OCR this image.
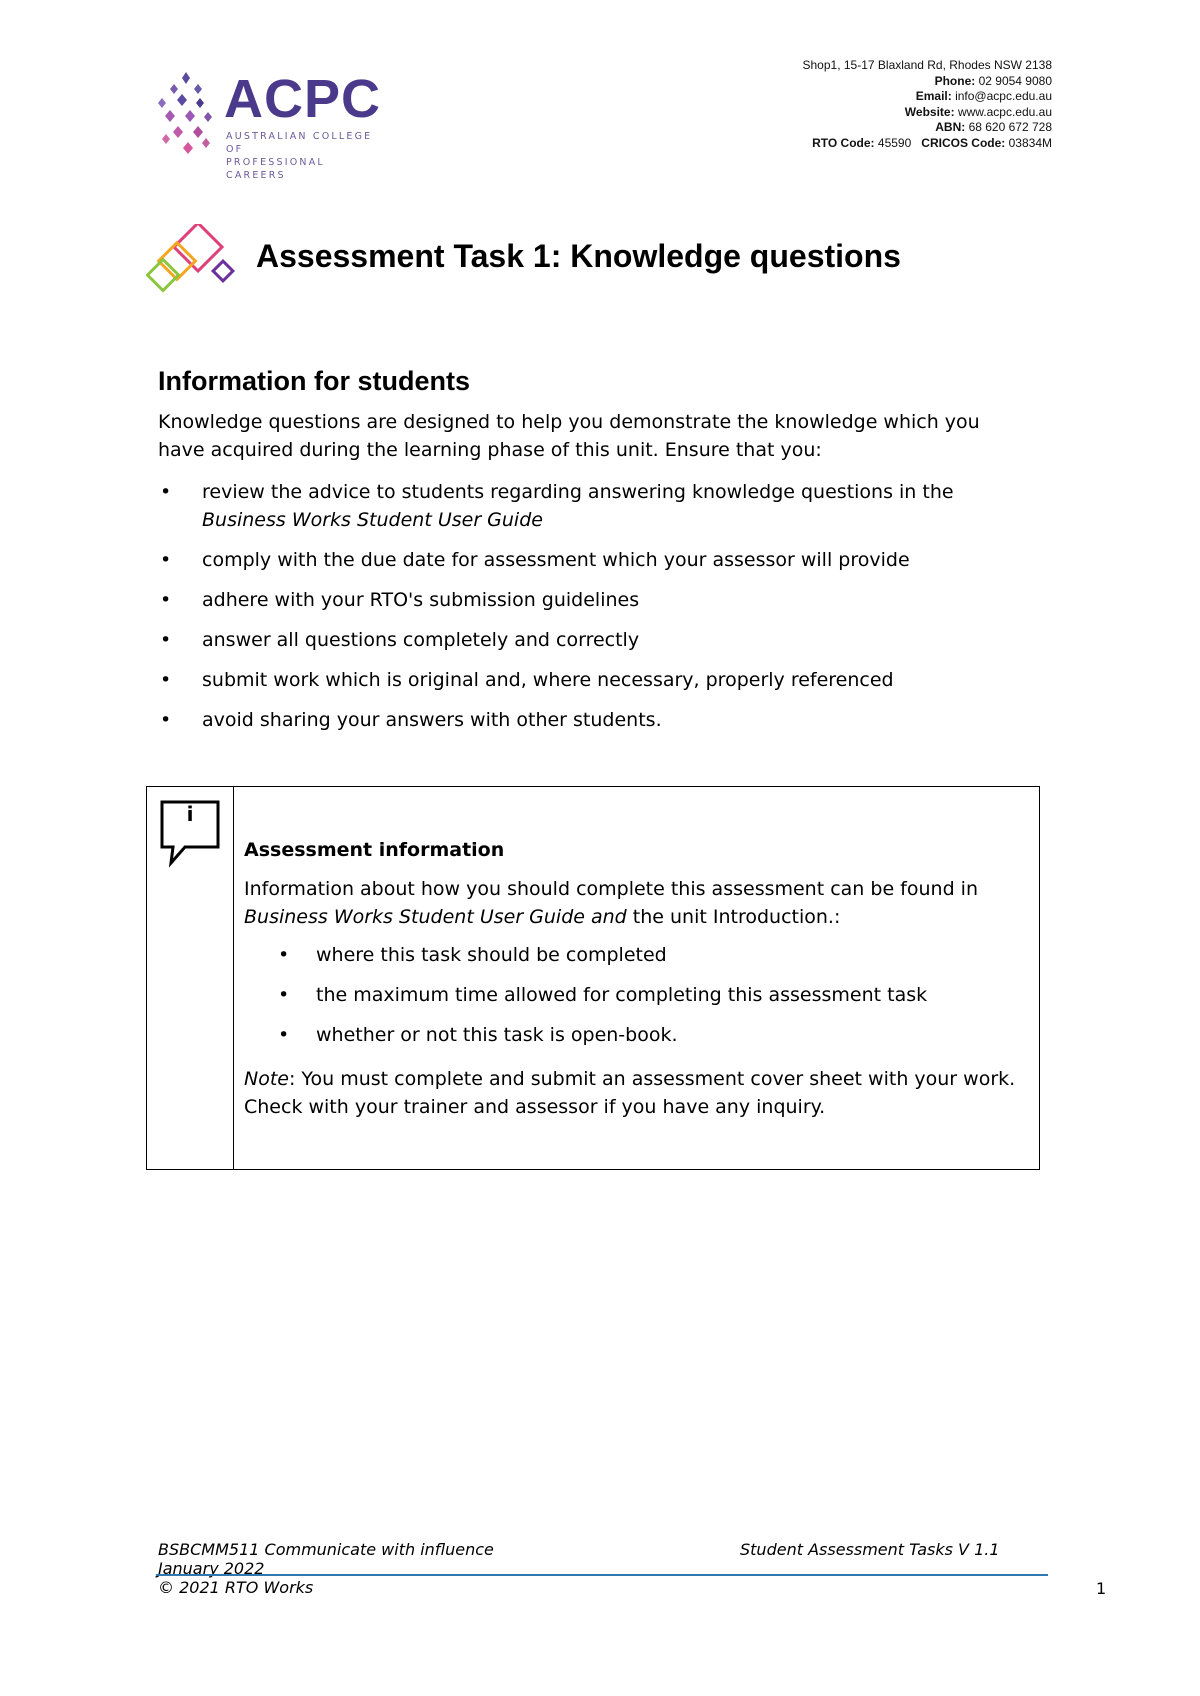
ACPC
AUSTRALIAN COLLEGE OF
PROFESSIONAL CAREERS
Shop1, 15-17 Blaxland Rd, Rhodes NSW 2138
Phone: 02 9054 9080
Email: info@acpc.edu.au
Website: www.acpc.edu.au
ABN: 68 620 672 728
RTO Code: 45590 CRICOS Code: 03834M
Assessment Task 1: Knowledge questions
Information for students
Knowledge questions are designed to help you demonstrate the knowledge which you have acquired during the learning phase of this unit. Ensure that you:
• review the advice to students regarding answering knowledge questions in the Business Works Student User Guide
• comply with the due date for assessment which your assessor will provide
• adhere with your RTO's submission guidelines
• answer all questions completely and correctly
• submit work which is original and, where necessary, properly referenced
• avoid sharing your answers with other students.
i
Assessment information
Information about how you should complete this assessment can be found in Business Works Student User Guide and the unit Introduction.:
• where this task should be completed
• the maximum time allowed for completing this assessment task
• whether or not this task is open-book.
Note: You must complete and submit an assessment cover sheet with your work. Check with your trainer and assessor if you have any inquiry.
BSBCMM511 Communicate with influence
January 2022
© 2021 RTO Works
Student Assessment Tasks V 1.1
1
